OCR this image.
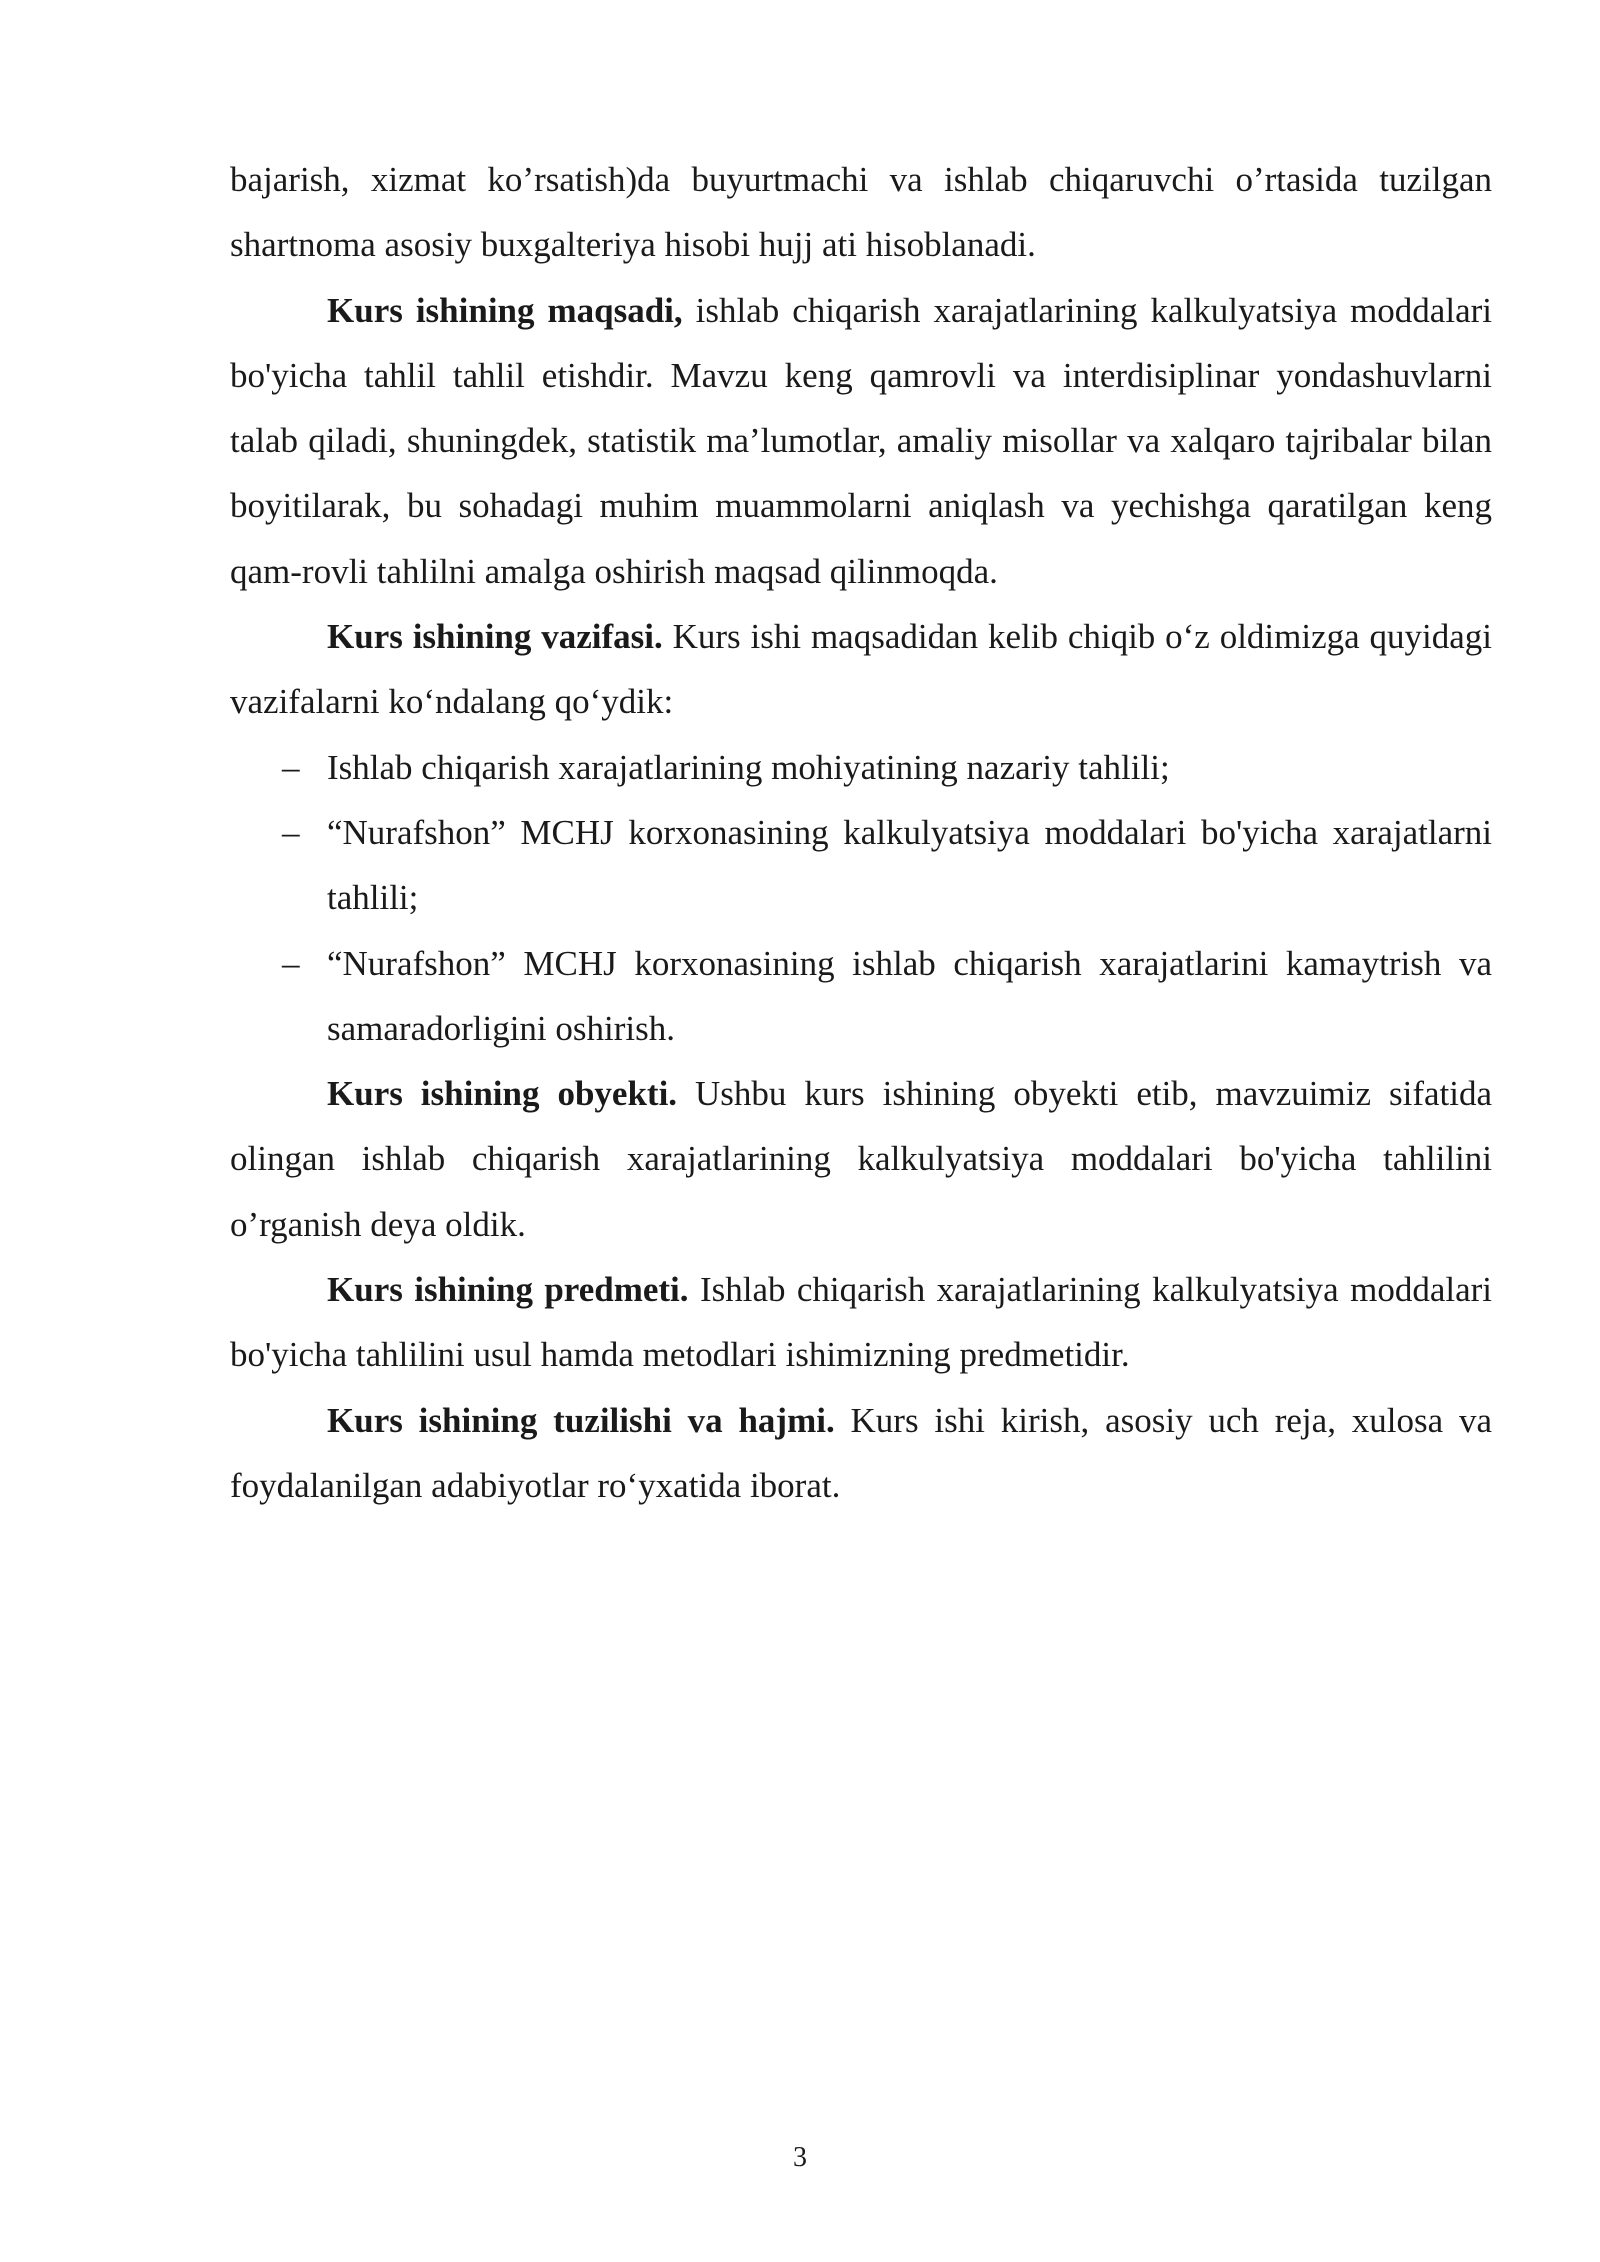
bajarish, xizmat ko’rsatish)da buyurtmachi va ishlab chiqaruvchi o’rtasida tuzilgan shartnoma asosiy buxgalteriya hisobi hujj ati hisoblanadi.

Kurs ishining maqsadi, ishlab chiqarish xarajatlarining kalkulyatsiya moddalari bo'yicha tahlil tahlil etishdir. Mavzu keng qamrovli va interdisiplinar yondashuvlarni talab qiladi, shuningdek, statistik ma’lumotlar, amaliy misollar va xalqaro tajribalar bilan boyitilarak, bu sohadagi muhim muammolarni aniqlash va yechishga qaratilgan keng qam-rovli tahlilni amalga oshirish maqsad qilinmoqda.

Kurs ishining vazifasi. Kurs ishi maqsadidan kelib chiqib o‘z oldimizga quyidagi vazifalarni ko‘ndalang qo‘ydik:

– Ishlab chiqarish xarajatlarining mohiyatining nazariy tahlili;
– “Nurafshon” MCHJ korxonasining kalkulyatsiya moddalari bo'yicha xarajatlarni tahlili;
– “Nurafshon” MCHJ korxonasining ishlab chiqarish xarajatlarini kamaytrish va samaradorligini oshirish.

Kurs ishining obyekti. Ushbu kurs ishining obyekti etib, mavzuimiz sifatida olingan ishlab chiqarish xarajatlarining kalkulyatsiya moddalari bo'yicha tahlilini o’rganish deya oldik.

Kurs ishining predmeti. Ishlab chiqarish xarajatlarining kalkulyatsiya moddalari bo'yicha tahlilini usul hamda metodlari ishimizning predmetidir.

Kurs ishining tuzilishi va hajmi. Kurs ishi kirish, asosiy uch reja, xulosa va foydalanilgan adabiyotlar ro‘yxatida iborat.

3
